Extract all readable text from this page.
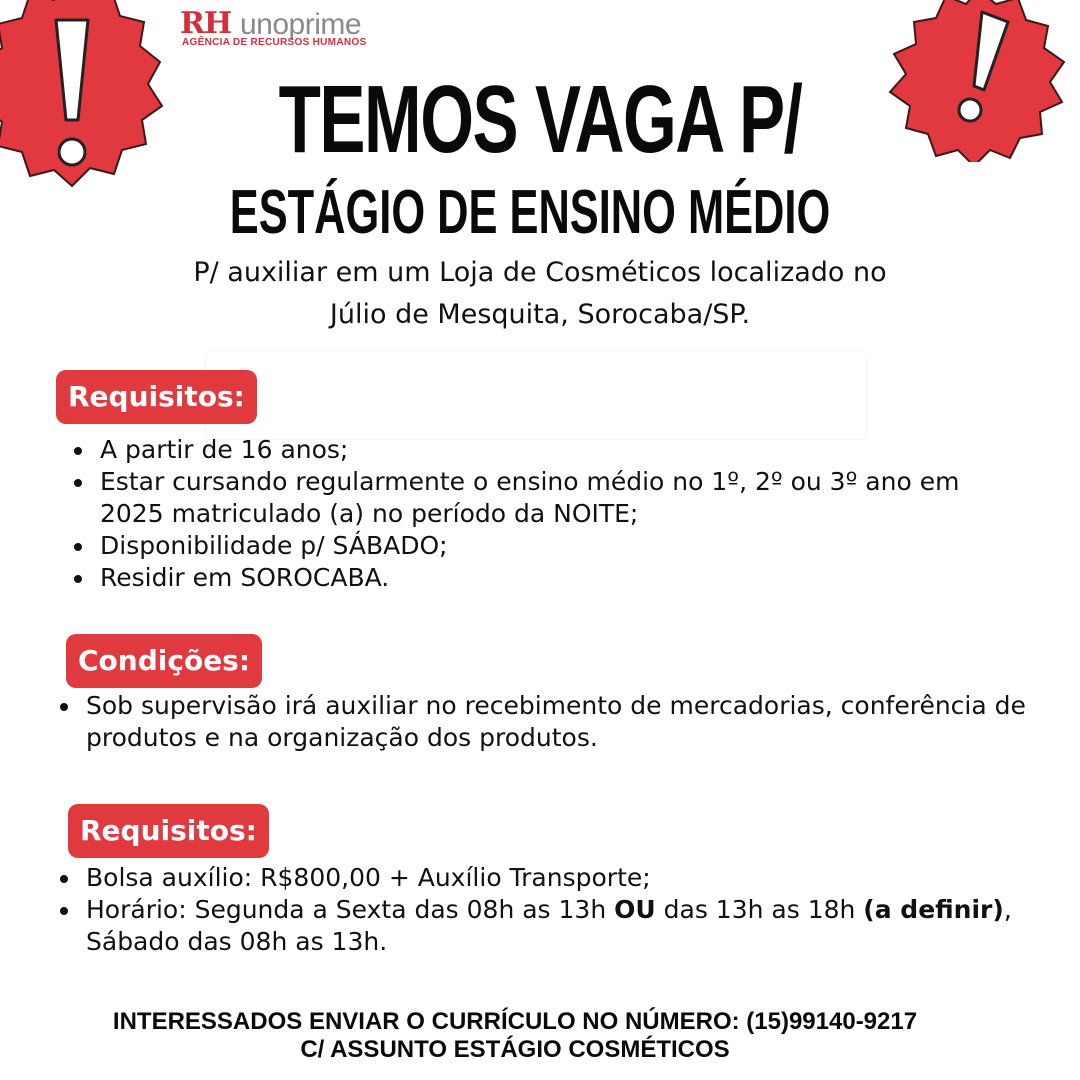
RH unoprime
AGÊNCIA DE RECURSOS HUMANOS
TEMOS VAGA P/
ESTÁGIO DE ENSINO MÉDIO
P/ auxiliar em um Loja de Cosméticos localizado no
Júlio de Mesquita, Sorocaba/SP.
Requisitos:
A partir de 16 anos;
Estar cursando regularmente o ensino médio no 1º, 2º ou 3º ano em 2025 matriculado (a) no período da NOITE;
Disponibilidade p/ SÁBADO;
Residir em SOROCABA.
Condições:
Sob supervisão irá auxiliar no recebimento de mercadorias, conferência de produtos e na organização dos produtos.
Requisitos:
Bolsa auxílio: R$800,00 + Auxílio Transporte;
Horário: Segunda a Sexta das 08h as 13h OU das 13h as 18h (a definir), Sábado das 08h as 13h.
INTERESSADOS ENVIAR O CURRÍCULO NO NÚMERO: (15)99140-9217
C/ ASSUNTO ESTÁGIO COSMÉTICOS
